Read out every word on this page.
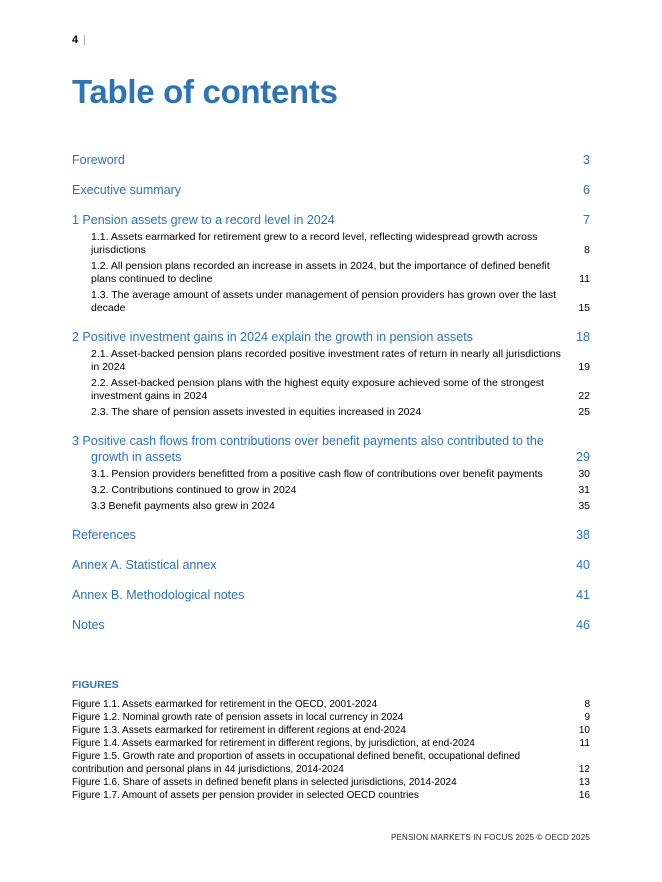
4 |
Table of contents
Foreword	3
Executive summary	6
1 Pension assets grew to a record level in 2024	7
1.1. Assets earmarked for retirement grew to a record level, reflecting widespread growth across jurisdictions	8
1.2. All pension plans recorded an increase in assets in 2024, but the importance of defined benefit plans continued to decline	11
1.3. The average amount of assets under management of pension providers has grown over the last decade	15
2 Positive investment gains in 2024 explain the growth in pension assets	18
2.1. Asset-backed pension plans recorded positive investment rates of return in nearly all jurisdictions in 2024	19
2.2. Asset-backed pension plans with the highest equity exposure achieved some of the strongest investment gains in 2024	22
2.3. The share of pension assets invested in equities increased in 2024	25
3 Positive cash flows from contributions over benefit payments also contributed to the growth in assets	29
3.1. Pension providers benefitted from a positive cash flow of contributions over benefit payments	30
3.2. Contributions continued to grow in 2024	31
3.3 Benefit payments also grew in 2024	35
References	38
Annex A. Statistical annex	40
Annex B. Methodological notes	41
Notes	46
FIGURES
Figure 1.1. Assets earmarked for retirement in the OECD, 2001-2024	8
Figure 1.2. Nominal growth rate of pension assets in local currency in 2024	9
Figure 1.3. Assets earmarked for retirement in different regions at end-2024	10
Figure 1.4. Assets earmarked for retirement in different regions, by jurisdiction, at end-2024	11
Figure 1.5. Growth rate and proportion of assets in occupational defined benefit, occupational defined contribution and personal plans in 44 jurisdictions, 2014-2024	12
Figure 1.6. Share of assets in defined benefit plans in selected jurisdictions, 2014-2024	13
Figure 1.7. Amount of assets per pension provider in selected OECD countries	16
PENSION MARKETS IN FOCUS 2025 © OECD 2025
